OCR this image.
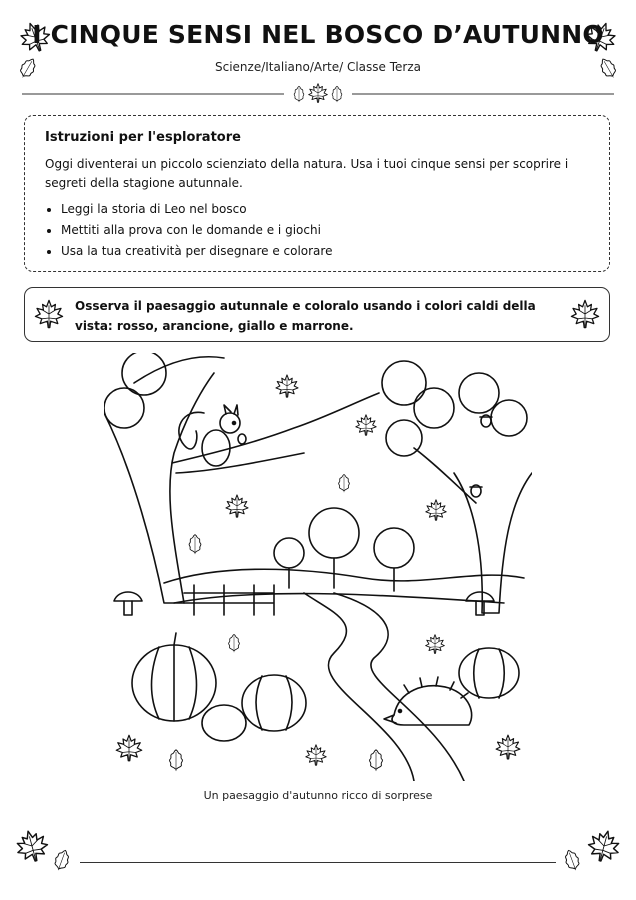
I CINQUE SENSI NEL BOSCO D’AUTUNNO
Scienze/Italiano/Arte/ Classe Terza
Istruzioni per l'esploratore

Oggi diventerai un piccolo scienziato della natura. Usa i tuoi cinque sensi per scoprire i segreti della stagione autunnale.

• Leggi la storia di Leo nel bosco
• Mettiti alla prova con le domande e i giochi
• Usa la tua creatività per disegnare e colorare
Osserva il paesaggio autunnale e coloralo usando i colori caldi della vista: rosso, arancione, giallo e marrone.
Un paesaggio d'autunno ricco di sorprese
